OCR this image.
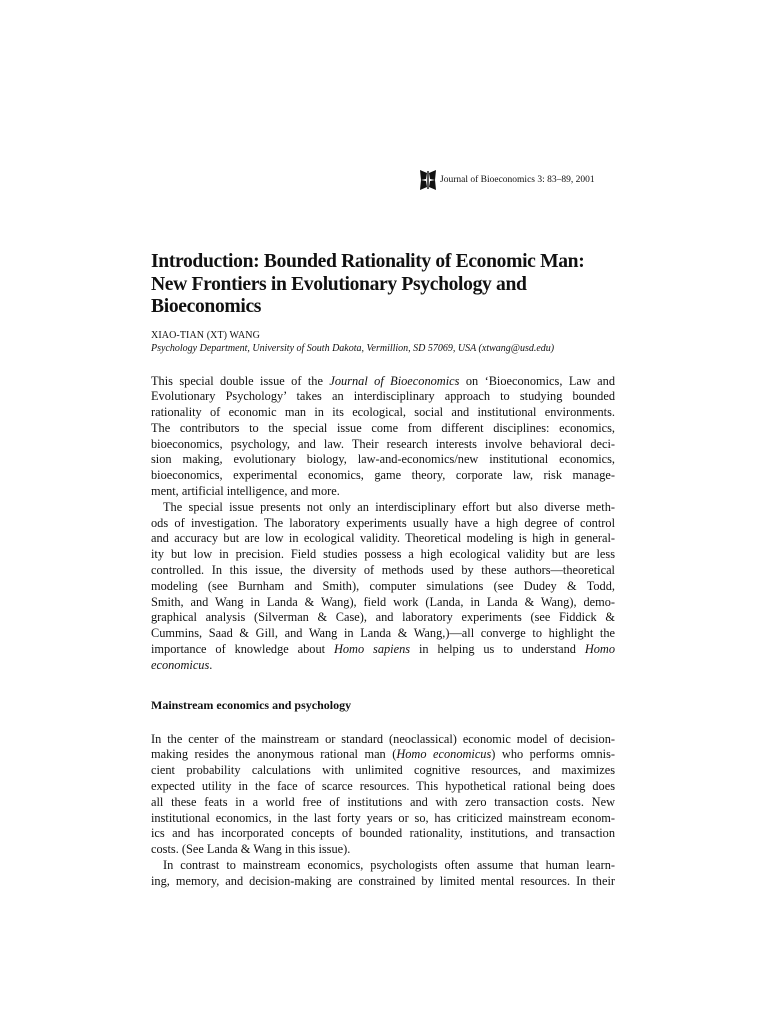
Journal of Bioeconomics 3: 83–89, 2001
Introduction: Bounded Rationality of Economic Man:
New Frontiers in Evolutionary Psychology and
Bioeconomics
XIAO-TIAN (XT) WANG
Psychology Department, University of South Dakota, Vermillion, SD 57069, USA (xtwang@usd.edu)
This special double issue of the Journal of Bioeconomics on ‘Bioeconomics, Law and
Evolutionary Psychology’ takes an interdisciplinary approach to studying bounded
rationality of economic man in its ecological, social and institutional environments.
The contributors to the special issue come from different disciplines: economics,
bioeconomics, psychology, and law. Their research interests involve behavioral deci-
sion making, evolutionary biology, law-and-economics/new institutional economics,
bioeconomics, experimental economics, game theory, corporate law, risk manage-
ment, artificial intelligence, and more.
The special issue presents not only an interdisciplinary effort but also diverse meth-
ods of investigation. The laboratory experiments usually have a high degree of control
and accuracy but are low in ecological validity. Theoretical modeling is high in general-
ity but low in precision. Field studies possess a high ecological validity but are less
controlled. In this issue, the diversity of methods used by these authors—theoretical
modeling (see Burnham and Smith), computer simulations (see Dudey & Todd,
Smith, and Wang in Landa & Wang), field work (Landa, in Landa & Wang), demo-
graphical analysis (Silverman & Case), and laboratory experiments (see Fiddick &
Cummins, Saad & Gill, and Wang in Landa & Wang,)—all converge to highlight the
importance of knowledge about Homo sapiens in helping us to understand Homo
economicus.
Mainstream economics and psychology
In the center of the mainstream or standard (neoclassical) economic model of decision-
making resides the anonymous rational man (Homo economicus) who performs omnis-
cient probability calculations with unlimited cognitive resources, and maximizes
expected utility in the face of scarce resources. This hypothetical rational being does
all these feats in a world free of institutions and with zero transaction costs. New
institutional economics, in the last forty years or so, has criticized mainstream econom-
ics and has incorporated concepts of bounded rationality, institutions, and transaction
costs. (See Landa & Wang in this issue).
In contrast to mainstream economics, psychologists often assume that human learn-
ing, memory, and decision-making are constrained by limited mental resources. In their
